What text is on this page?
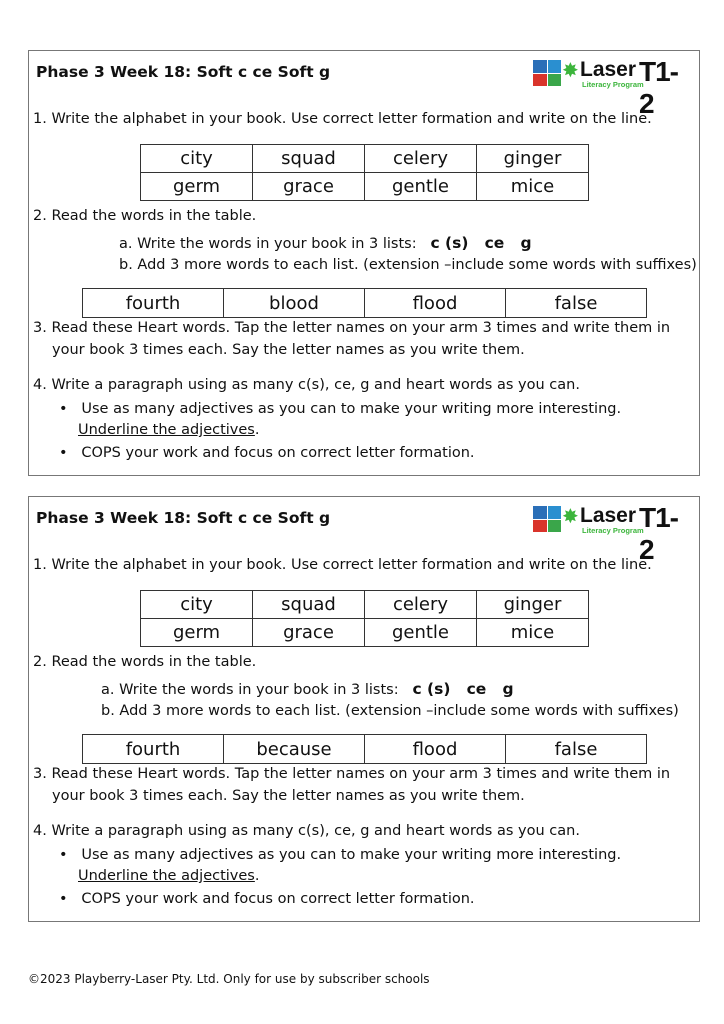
Phase 3 Week 18: Soft c ce Soft g	✸ Laser
Literacy Program
T1-2
1. Write the alphabet in your book. Use correct letter formation and write on the line.
city	squad	celery	ginger
germ	grace	gentle	mice
2. Read the words in the table.
a. Write the words in your book in 3 lists: c (s)   ce   g
b. Add 3 more words to each list. (extension –include some words with suffixes)
fourth	blood	flood	false
3. Read these Heart words. Tap the letter names on your arm 3 times and write them in
your book 3 times each. Say the letter names as you write them.
4. Write a paragraph using as many c(s), ce, g and heart words as you can.
• Use as many adjectives as you can to make your writing more interesting.
Underline the adjectives.
• COPS your work and focus on correct letter formation.
Phase 3 Week 18: Soft c ce Soft g	✸ Laser
Literacy Program
T1-2
1. Write the alphabet in your book. Use correct letter formation and write on the line.
city	squad	celery	ginger
germ	grace	gentle	mice
2. Read the words in the table.
a. Write the words in your book in 3 lists: c (s)   ce   g
b. Add 3 more words to each list. (extension –include some words with suffixes)
fourth	because	flood	false
3. Read these Heart words. Tap the letter names on your arm 3 times and write them in
your book 3 times each. Say the letter names as you write them.
4. Write a paragraph using as many c(s), ce, g and heart words as you can.
• Use as many adjectives as you can to make your writing more interesting.
Underline the adjectives.
• COPS your work and focus on correct letter formation.
©2023 Playberry-Laser Pty. Ltd. Only for use by subscriber schools
